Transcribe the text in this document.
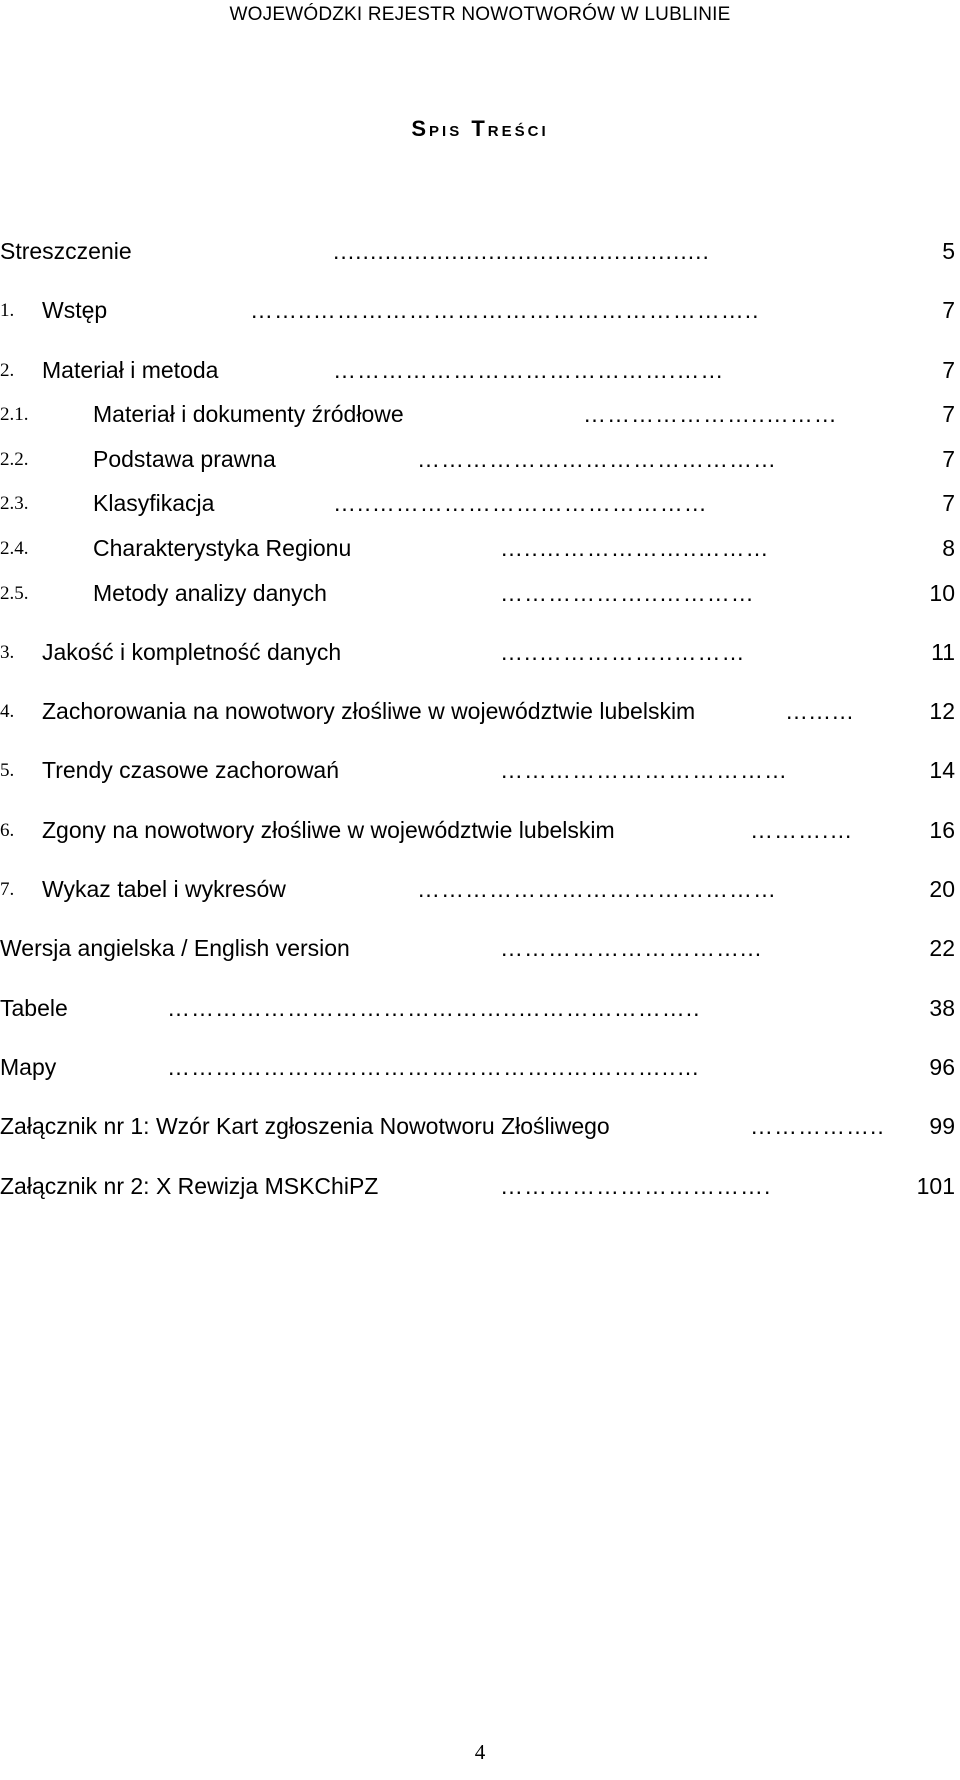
WOJEWÓDZKI REJESTR NOWOTWORÓW W LUBLINIE
Spis Treści
Streszczenie	...................................................	5
1. Wstęp	……..………………………………………………..	7
2. Materiał i metoda	…………………………………….……	7
2.1.	Materiał i dokumenty źródłowe	…………………..………	7
2.2.	Podstawa prawna	………………………………………	7
2.3.	Klasyfikacja	…..……………………………………	7
2.4.	Charakterystyka Regionu	…..………………..………	8
2.5.	Metody analizy danych	………………..…………	10
3. Jakość i kompletność danych	…..……………..………	11
4. Zachorowania na nowotwory złośliwe w województwie lubelskim	…...…	12
5. Trendy czasowe zachorowań	………………………………	14
6. Zgony na nowotwory złośliwe w województwie lubelskim	……….…	16
7. Wykaz tabel i wykresów	………………………………………	20
Wersja angielska / English version	…………………………...	22
Tabele	……………………………………..…………………..	38
Mapy	…………………………………………..…………..…	96
Załącznik nr 1: Wzór Kart zgłoszenia Nowotworu Złośliwego	…………….. 99
Załącznik nr 2: X Rewizja MSKChiPZ	…………………………….	101
4
